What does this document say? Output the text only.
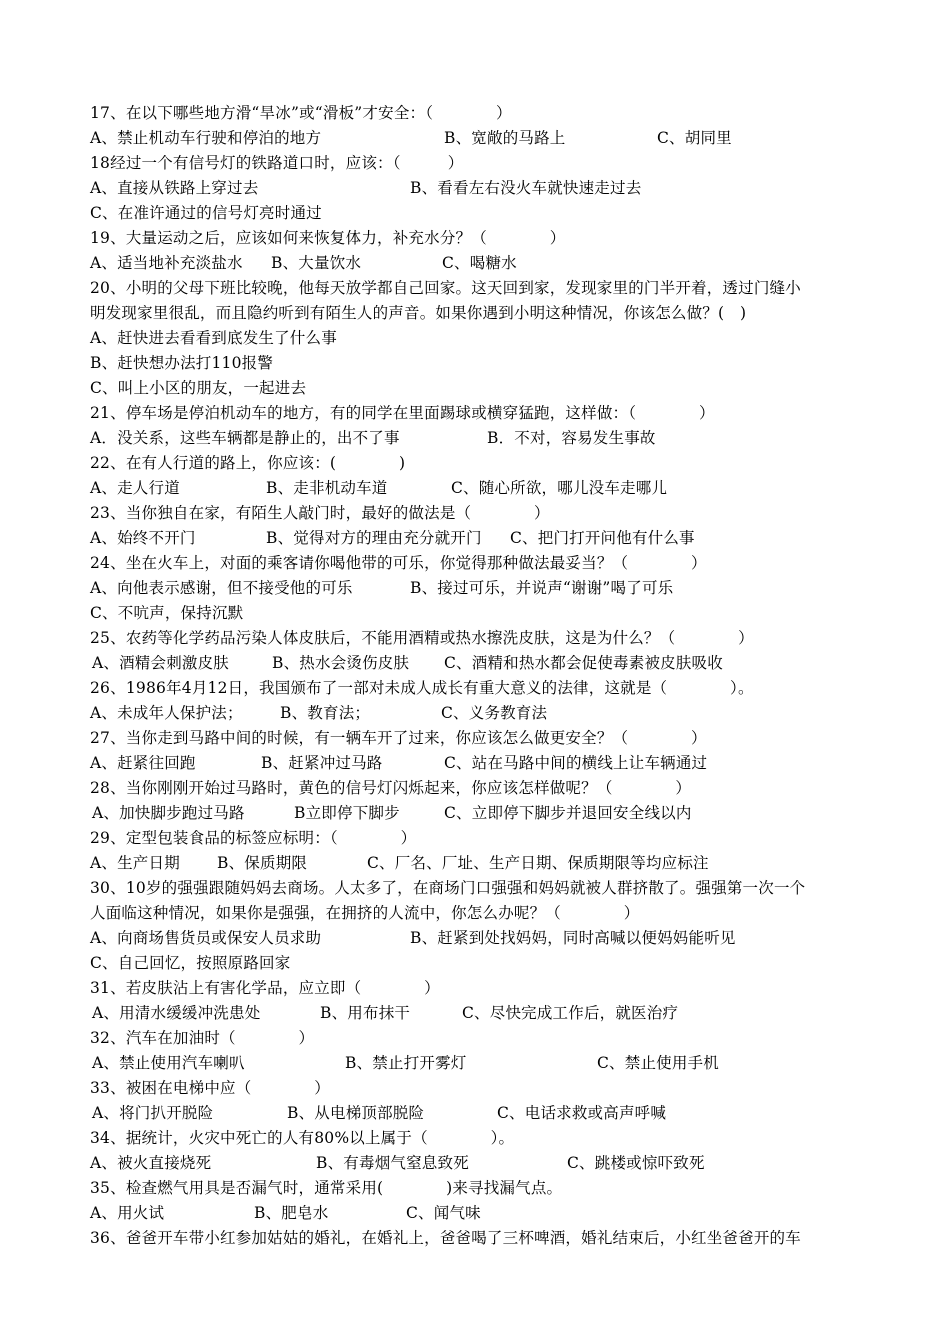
17、在以下哪些地方滑“旱冰”或“滑板”才安全：（　　　　）
A、禁止机动车行驶和停泊的地方	B、宽敞的马路上	C、胡同里
18经过一个有信号灯的铁路道口时，应该：（　　　）
A、直接从铁路上穿过去	B、看看左右没火车就快速走过去
C、在准许通过的信号灯亮时通过
19、大量运动之后，应该如何来恢复体力，补充水分？（　　　　）
A、适当地补充淡盐水 B、大量饮水	C、喝糖水
20、小明的父母下班比较晚，他每天放学都自己回家。这天回到家，发现家里的门半开着，透过门缝小
明发现家里很乱，而且隐约听到有陌生人的声音。如果你遇到小明这种情况，你该怎么做？(　)
A、赶快进去看看到底发生了什么事
B、赶快想办法打110报警
C、叫上小区的朋友，一起进去
21、停车场是停泊机动车的地方，有的同学在里面踢球或横穿猛跑，这样做：（　　　　）
A．没关系，这些车辆都是静止的，出不了事	B．不对，容易发生事故
22、在有人行道的路上，你应该：(　　　　)
A、走人行道	B、走非机动车道	C、随心所欲，哪儿没车走哪儿
23、当你独自在家，有陌生人敲门时，最好的做法是（　　　　）
A、始终不开门	B、觉得对方的理由充分就开门 C、把门打开问他有什么事
24、坐在火车上，对面的乘客请你喝他带的可乐，你觉得那种做法最妥当？（　　　　）
A、向他表示感谢，但不接受他的可乐	B、接过可乐，并说声“谢谢”喝了可乐
C、不吭声，保持沉默
25、农药等化学药品污染人体皮肤后，不能用酒精或热水擦洗皮肤，这是为什么？（　　　　）
A、酒精会刺激皮肤	B、热水会烫伤皮肤 C、酒精和热水都会促使毒素被皮肤吸收
26、1986年4月12日，我国颁布了一部对未成人成长有重大意义的法律，这就是（　　　　）。
A、未成年人保护法； B、教育法；	C、义务教育法
27、当你走到马路中间的时候，有一辆车开了过来，你应该怎么做更安全？（　　　　）
A、赶紧往回跑	B、赶紧冲过马路	C、站在马路中间的横线上让车辆通过
28、当你刚刚开始过马路时，黄色的信号灯闪烁起来，你应该怎样做呢？（　　　　）
A、加快脚步跑过马路	B立即停下脚步	C、立即停下脚步并退回安全线以内
29、定型包装食品的标签应标明：（　　　　）
A、生产日期 B、保质期限	C、厂名、厂址、生产日期、保质期限等均应标注
30、10岁的强强跟随妈妈去商场。人太多了，在商场门口强强和妈妈就被人群挤散了。强强第一次一个
人面临这种情况，如果你是强强，在拥挤的人流中，你怎么办呢？（　　　　）
A、向商场售货员或保安人员求助	B、赶紧到处找妈妈，同时高喊以便妈妈能听见
C、自己回忆，按照原路回家
31、若皮肤沾上有害化学品，应立即（　　　　）
A、用清水缓缓冲洗患处	B、用布抹干	C、尽快完成工作后，就医治疗
32、汽车在加油时（　　　　）
A、禁止使用汽车喇叭	B、禁止打开雾灯	C、禁止使用手机
33、被困在电梯中应（　　　　）
A、将门扒开脱险	B、从电梯顶部脱险	C、电话求救或高声呼喊
34、据统计，火灾中死亡的人有80%以上属于（　　　　）。
A、被火直接烧死	B、有毒烟气窒息致死	C、跳楼或惊吓致死
35、检查燃气用具是否漏气时，通常采用(　　　　)来寻找漏气点。
A、用火试	B、肥皂水	C、闻气味
36、爸爸开车带小红参加姑姑的婚礼，在婚礼上，爸爸喝了三杯啤酒，婚礼结束后，小红坐爸爸开的车
